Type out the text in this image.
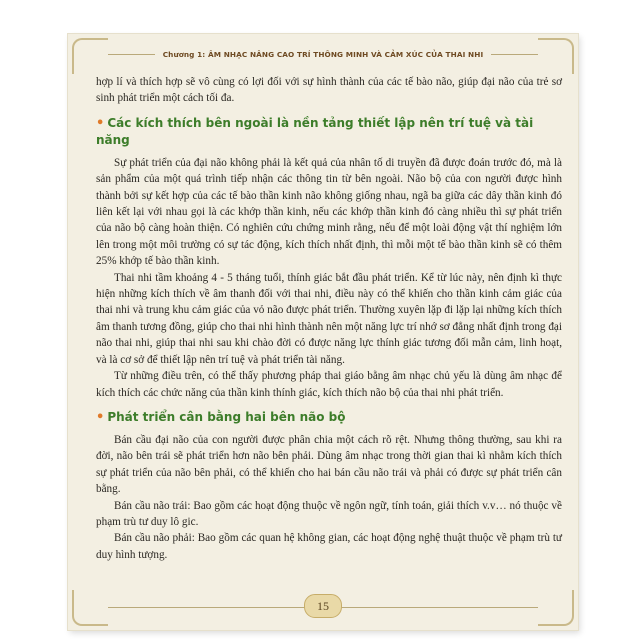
Chương 1: ÂM NHẠC NÂNG CAO TRÍ THÔNG MINH VÀ CẢM XÚC CỦA THAI NHI

hợp lí và thích hợp sẽ vô cùng có lợi đối với sự hình thành của các tế bào não, giúp đại não của trẻ sơ sinh phát triển một cách tối đa.

• Các kích thích bên ngoài là nền tảng thiết lập nên trí tuệ và tài năng

Sự phát triển của đại não không phải là kết quả của nhân tố di truyền đã được đoán trước đó, mà là sản phẩm của một quá trình tiếp nhận các thông tin từ bên ngoài. Não bộ của con người được hình thành bởi sự kết hợp của các tế bào thần kinh não không giống nhau, ngã ba giữa các dây thần kinh đó liên kết lại với nhau gọi là các khớp thần kinh, nếu các khớp thần kinh đó càng nhiều thì sự phát triển của não bộ càng hoàn thiện. Có nghiên cứu chứng minh rằng, nếu để một loài động vật thí nghiệm lớn lên trong một môi trường có sự tác động, kích thích nhất định, thì mỗi một tế bào thần kinh sẽ có thêm 25% khớp tế bào thần kinh.

Thai nhi tầm khoảng 4 - 5 tháng tuổi, thính giác bắt đầu phát triển. Kể từ lúc này, nên định kì thực hiện những kích thích về âm thanh đối với thai nhi, điều này có thể khiến cho thần kinh cảm giác của thai nhi và trung khu cảm giác của vỏ não được phát triển. Thường xuyên lặp đi lặp lại những kích thích âm thanh tương đồng, giúp cho thai nhi hình thành nên một năng lực trí nhớ sơ đẳng nhất định trong đại não thai nhi, giúp thai nhi sau khi chào đời có được năng lực thính giác tương đối mẫn cảm, linh hoạt, và là cơ sở để thiết lập nên trí tuệ và phát triển tài năng.

Từ những điều trên, có thể thấy phương pháp thai giáo bằng âm nhạc chủ yếu là dùng âm nhạc để kích thích các chức năng của thần kinh thính giác, kích thích não bộ của thai nhi phát triển.

• Phát triển cân bằng hai bên não bộ

Bán cầu đại não của con người được phân chia một cách rõ rệt. Nhưng thông thường, sau khi ra đời, não bên trái sẽ phát triển hơn não bên phải. Dùng âm nhạc trong thời gian thai kì nhằm kích thích sự phát triển của não bên phải, có thể khiến cho hai bán cầu não trái và phải có được sự phát triển cân bằng.

Bán cầu não trái: Bao gồm các hoạt động thuộc về ngôn ngữ, tính toán, giải thích v.v… nó thuộc về phạm trù tư duy lô gic.

Bán cầu não phải: Bao gồm các quan hệ không gian, các hoạt động nghệ thuật thuộc về phạm trù tư duy hình tượng.

15
